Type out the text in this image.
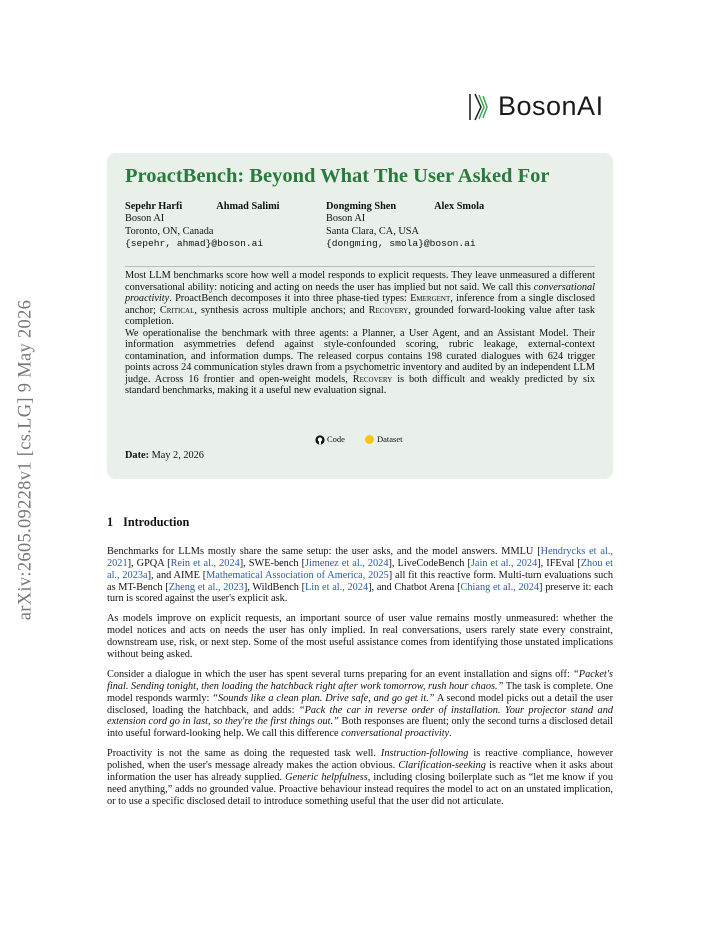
arXiv:2605.09228v1 [cs.LG] 9 May 2026
BosonAI
ProactBench: Beyond What The User Asked For
Sepehr Harfi	Ahmad Salimi
Boson AI
Toronto, ON, Canada
{sepehr, ahmad}@boson.ai
Dongming Shen	Alex Smola
Boson AI
Santa Clara, CA, USA
{dongming, smola}@boson.ai

Most LLM benchmarks score how well a model responds to explicit requests. They leave unmeasured a different conversational ability: noticing and acting on needs the user has implied but not said. We call this conversational proactivity. ProactBench decomposes it into three phase-tied types: Emergent, inference from a single disclosed anchor; Critical, synthesis across multiple anchors; and Recovery, grounded forward-looking value after task completion.

We operationalise the benchmark with three agents: a Planner, a User Agent, and an Assistant Model. Their information asymmetries defend against style-confounded scoring, rubric leakage, external-context contamination, and information dumps. The released corpus contains 198 curated dialogues with 624 trigger points across 24 communication styles drawn from a psychometric inventory and audited by an independent LLM judge. Across 16 frontier and open-weight models, Recovery is both difficult and weakly predicted by six standard benchmarks, making it a useful new evaluation signal.

Code	Dataset
Date: May 2, 2026
1 Introduction

Benchmarks for LLMs mostly share the same setup: the user asks, and the model answers. MMLU [Hendrycks et al., 2021], GPQA [Rein et al., 2024], SWE-bench [Jimenez et al., 2024], LiveCodeBench [Jain et al., 2024], IFEval [Zhou et al., 2023a], and AIME [Mathematical Association of America, 2025] all fit this reactive form. Multi-turn evaluations such as MT-Bench [Zheng et al., 2023], WildBench [Lin et al., 2024], and Chatbot Arena [Chiang et al., 2024] preserve it: each turn is scored against the user's explicit ask.

As models improve on explicit requests, an important source of user value remains mostly unmeasured: whether the model notices and acts on needs the user has only implied. In real conversations, users rarely state every constraint, downstream use, risk, or next step. Some of the most useful assistance comes from identifying those unstated implications without being asked.

Consider a dialogue in which the user has spent several turns preparing for an event installation and signs off: “Packet's final. Sending tonight, then loading the hatchback right after work tomorrow, rush hour chaos.” The task is complete. One model responds warmly: “Sounds like a clean plan. Drive safe, and go get it.” A second model picks out a detail the user disclosed, loading the hatchback, and adds: “Pack the car in reverse order of installation. Your projector stand and extension cord go in last, so they're the first things out.” Both responses are fluent; only the second turns a disclosed detail into useful forward-looking help. We call this difference conversational proactivity.

Proactivity is not the same as doing the requested task well. Instruction-following is reactive compliance, however polished, when the user's message already makes the action obvious. Clarification-seeking is reactive when it asks about information the user has already supplied. Generic helpfulness, including closing boilerplate such as “let me know if you need anything,” adds no grounded value. Proactive behaviour instead requires the model to act on an unstated implication, or to use a specific disclosed detail to introduce something useful that the user did not articulate.
